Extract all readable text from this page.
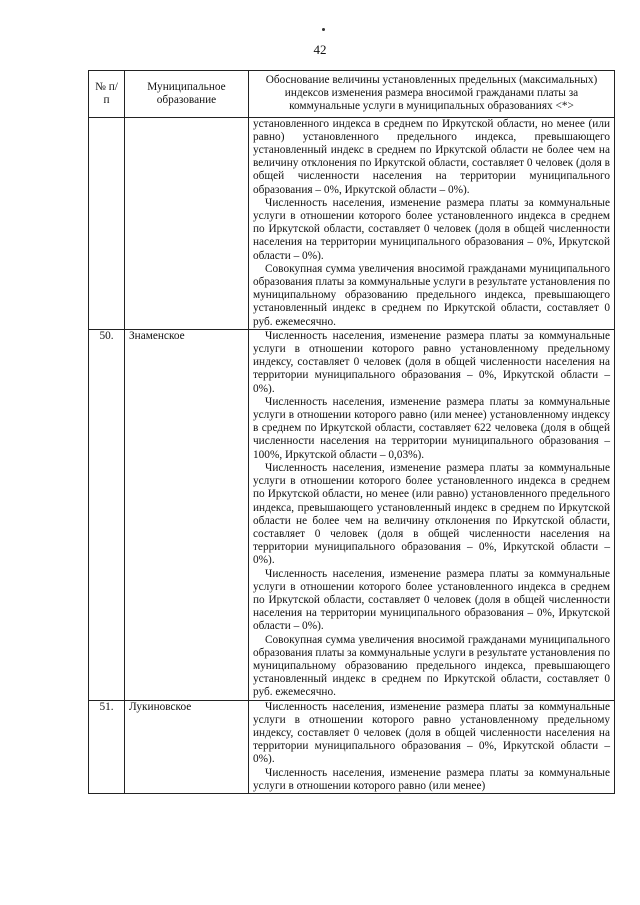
42
№ п/п	Муниципальное образование	Обоснование величины установленных предельных (максимальных) индексов изменения размера вносимой гражданами платы за коммунальные услуги в муниципальных образованиях <*>

		установленного индекса в среднем по Иркутской области, но менее (или равно) установленного предельного индекса, превышающего установленный индекс в среднем по Иркутской области не более чем на величину отклонения по Иркутской области, составляет 0 человек (доля в общей численности населения на территории муниципального образования – 0%, Иркутской области – 0%).

Численность населения, изменение размера платы за коммунальные услуги в отношении которого более установленного индекса в среднем по Иркутской области, составляет 0 человек (доля в общей численности населения на территории муниципального образования – 0%, Иркутской области – 0%).

Совокупная сумма увеличения вносимой гражданами муниципального образования платы за коммунальные услуги в результате установления по муниципальному образованию предельного индекса, превышающего установленный индекс в среднем по Иркутской области, составляет 0 руб. ежемесячно.

50.	Знаменское	Численность населения, изменение размера платы за коммунальные услуги в отношении которого равно установленному предельному индексу, составляет 0 человек (доля в общей численности населения на территории муниципального образования – 0%, Иркутской области – 0%).

Численность населения, изменение размера платы за коммунальные услуги в отношении которого равно (или менее) установленному индексу в среднем по Иркутской области, составляет 622 человека (доля в общей численности населения на территории муниципального образования – 100%, Иркутской области – 0,03%).

Численность населения, изменение размера платы за коммунальные услуги в отношении которого более установленного индекса в среднем по Иркутской области, но менее (или равно) установленного предельного индекса, превышающего установленный индекс в среднем по Иркутской области не более чем на величину отклонения по Иркутской области, составляет 0 человек (доля в общей численности населения на территории муниципального образования – 0%, Иркутской области – 0%).

Численность населения, изменение размера платы за коммунальные услуги в отношении которого более установленного индекса в среднем по Иркутской области, составляет 0 человек (доля в общей численности населения на территории муниципального образования – 0%, Иркутской области – 0%).

Совокупная сумма увеличения вносимой гражданами муниципального образования платы за коммунальные услуги в результате установления по муниципальному образованию предельного индекса, превышающего установленный индекс в среднем по Иркутской области, составляет 0 руб. ежемесячно.

51.	Лукиновское	Численность населения, изменение размера платы за коммунальные услуги в отношении которого равно установленному предельному индексу, составляет 0 человек (доля в общей численности населения на территории муниципального образования – 0%, Иркутской области – 0%).

Численность населения, изменение размера платы за коммунальные услуги в отношении которого равно (или менее)
